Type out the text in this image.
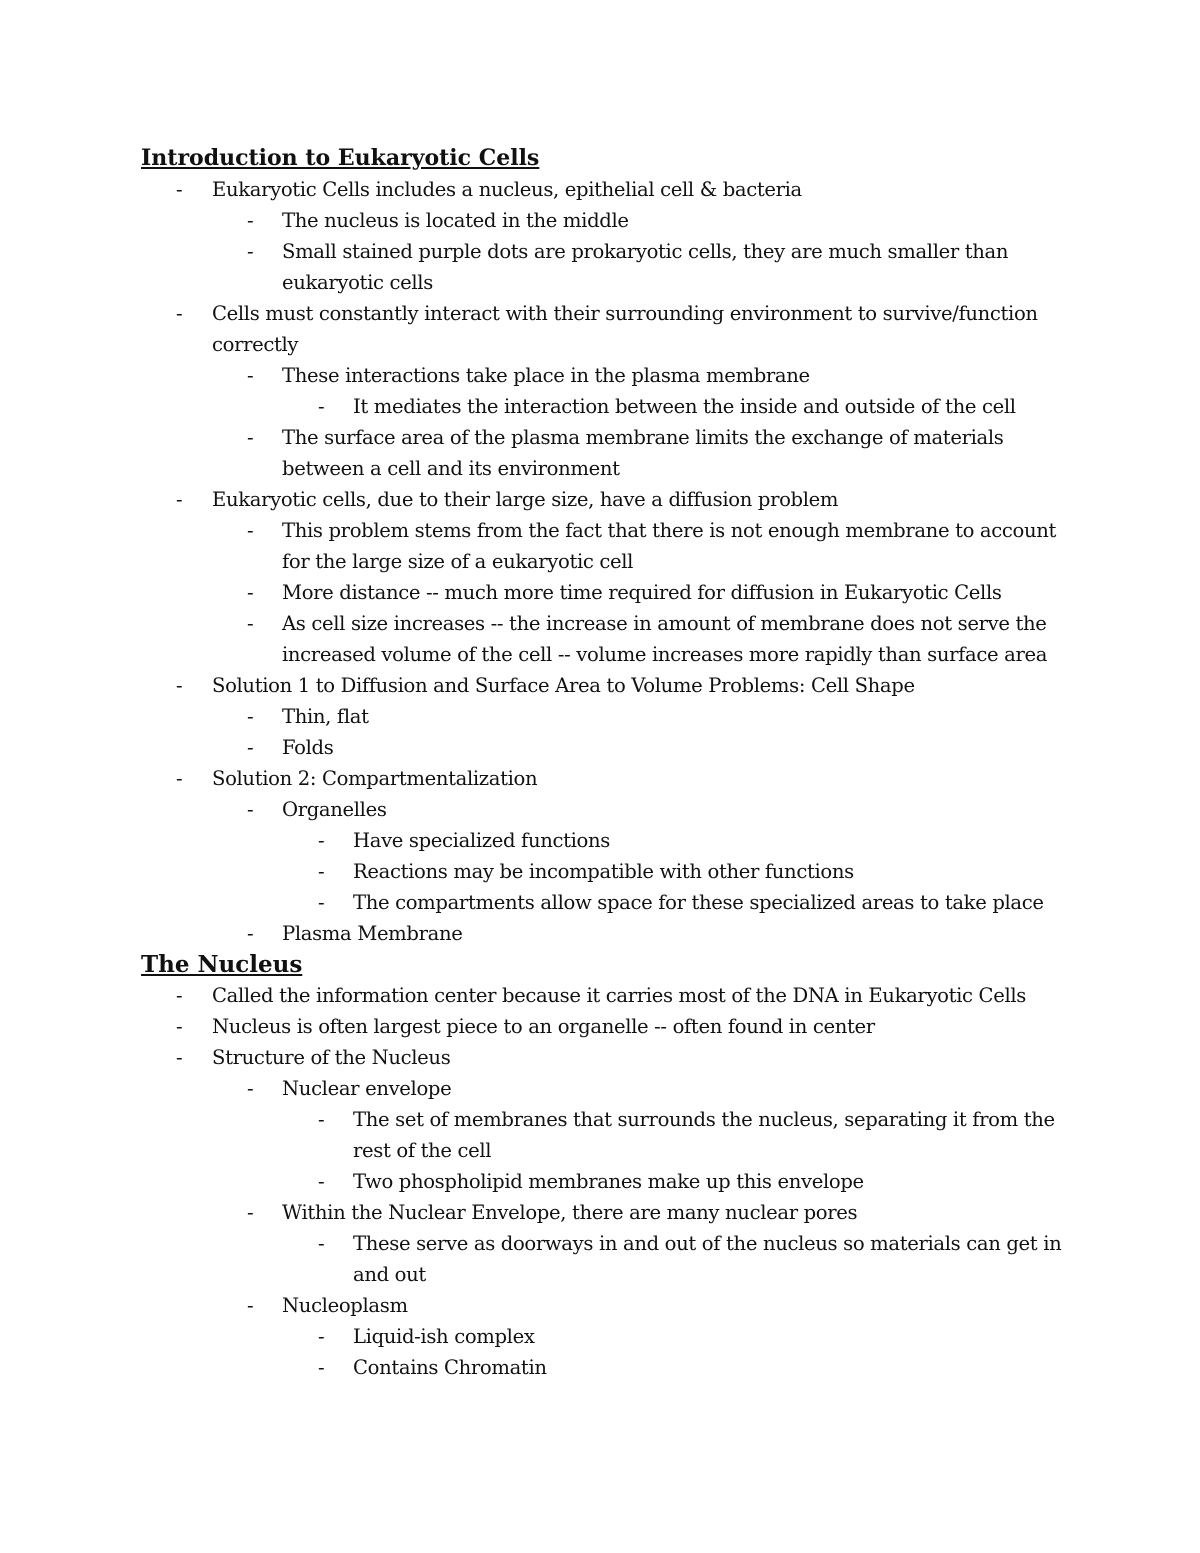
Introduction to Eukaryotic Cells
- Eukaryotic Cells includes a nucleus, epithelial cell & bacteria
- The nucleus is located in the middle
- Small stained purple dots are prokaryotic cells, they are much smaller than eukaryotic cells
- Cells must constantly interact with their surrounding environment to survive/function correctly
- These interactions take place in the plasma membrane
- It mediates the interaction between the inside and outside of the cell
- The surface area of the plasma membrane limits the exchange of materials between a cell and its environment
- Eukaryotic cells, due to their large size, have a diffusion problem
- This problem stems from the fact that there is not enough membrane to account for the large size of a eukaryotic cell
- More distance -- much more time required for diffusion in Eukaryotic Cells
- As cell size increases -- the increase in amount of membrane does not serve the increased volume of the cell -- volume increases more rapidly than surface area
- Solution 1 to Diffusion and Surface Area to Volume Problems: Cell Shape
- Thin, flat
- Folds
- Solution 2: Compartmentalization
- Organelles
- Have specialized functions
- Reactions may be incompatible with other functions
- The compartments allow space for these specialized areas to take place
- Plasma Membrane
The Nucleus
- Called the information center because it carries most of the DNA in Eukaryotic Cells
- Nucleus is often largest piece to an organelle -- often found in center
- Structure of the Nucleus
- Nuclear envelope
- The set of membranes that surrounds the nucleus, separating it from the rest of the cell
- Two phospholipid membranes make up this envelope
- Within the Nuclear Envelope, there are many nuclear pores
- These serve as doorways in and out of the nucleus so materials can get in and out
- Nucleoplasm
- Liquid-ish complex
- Contains Chromatin
